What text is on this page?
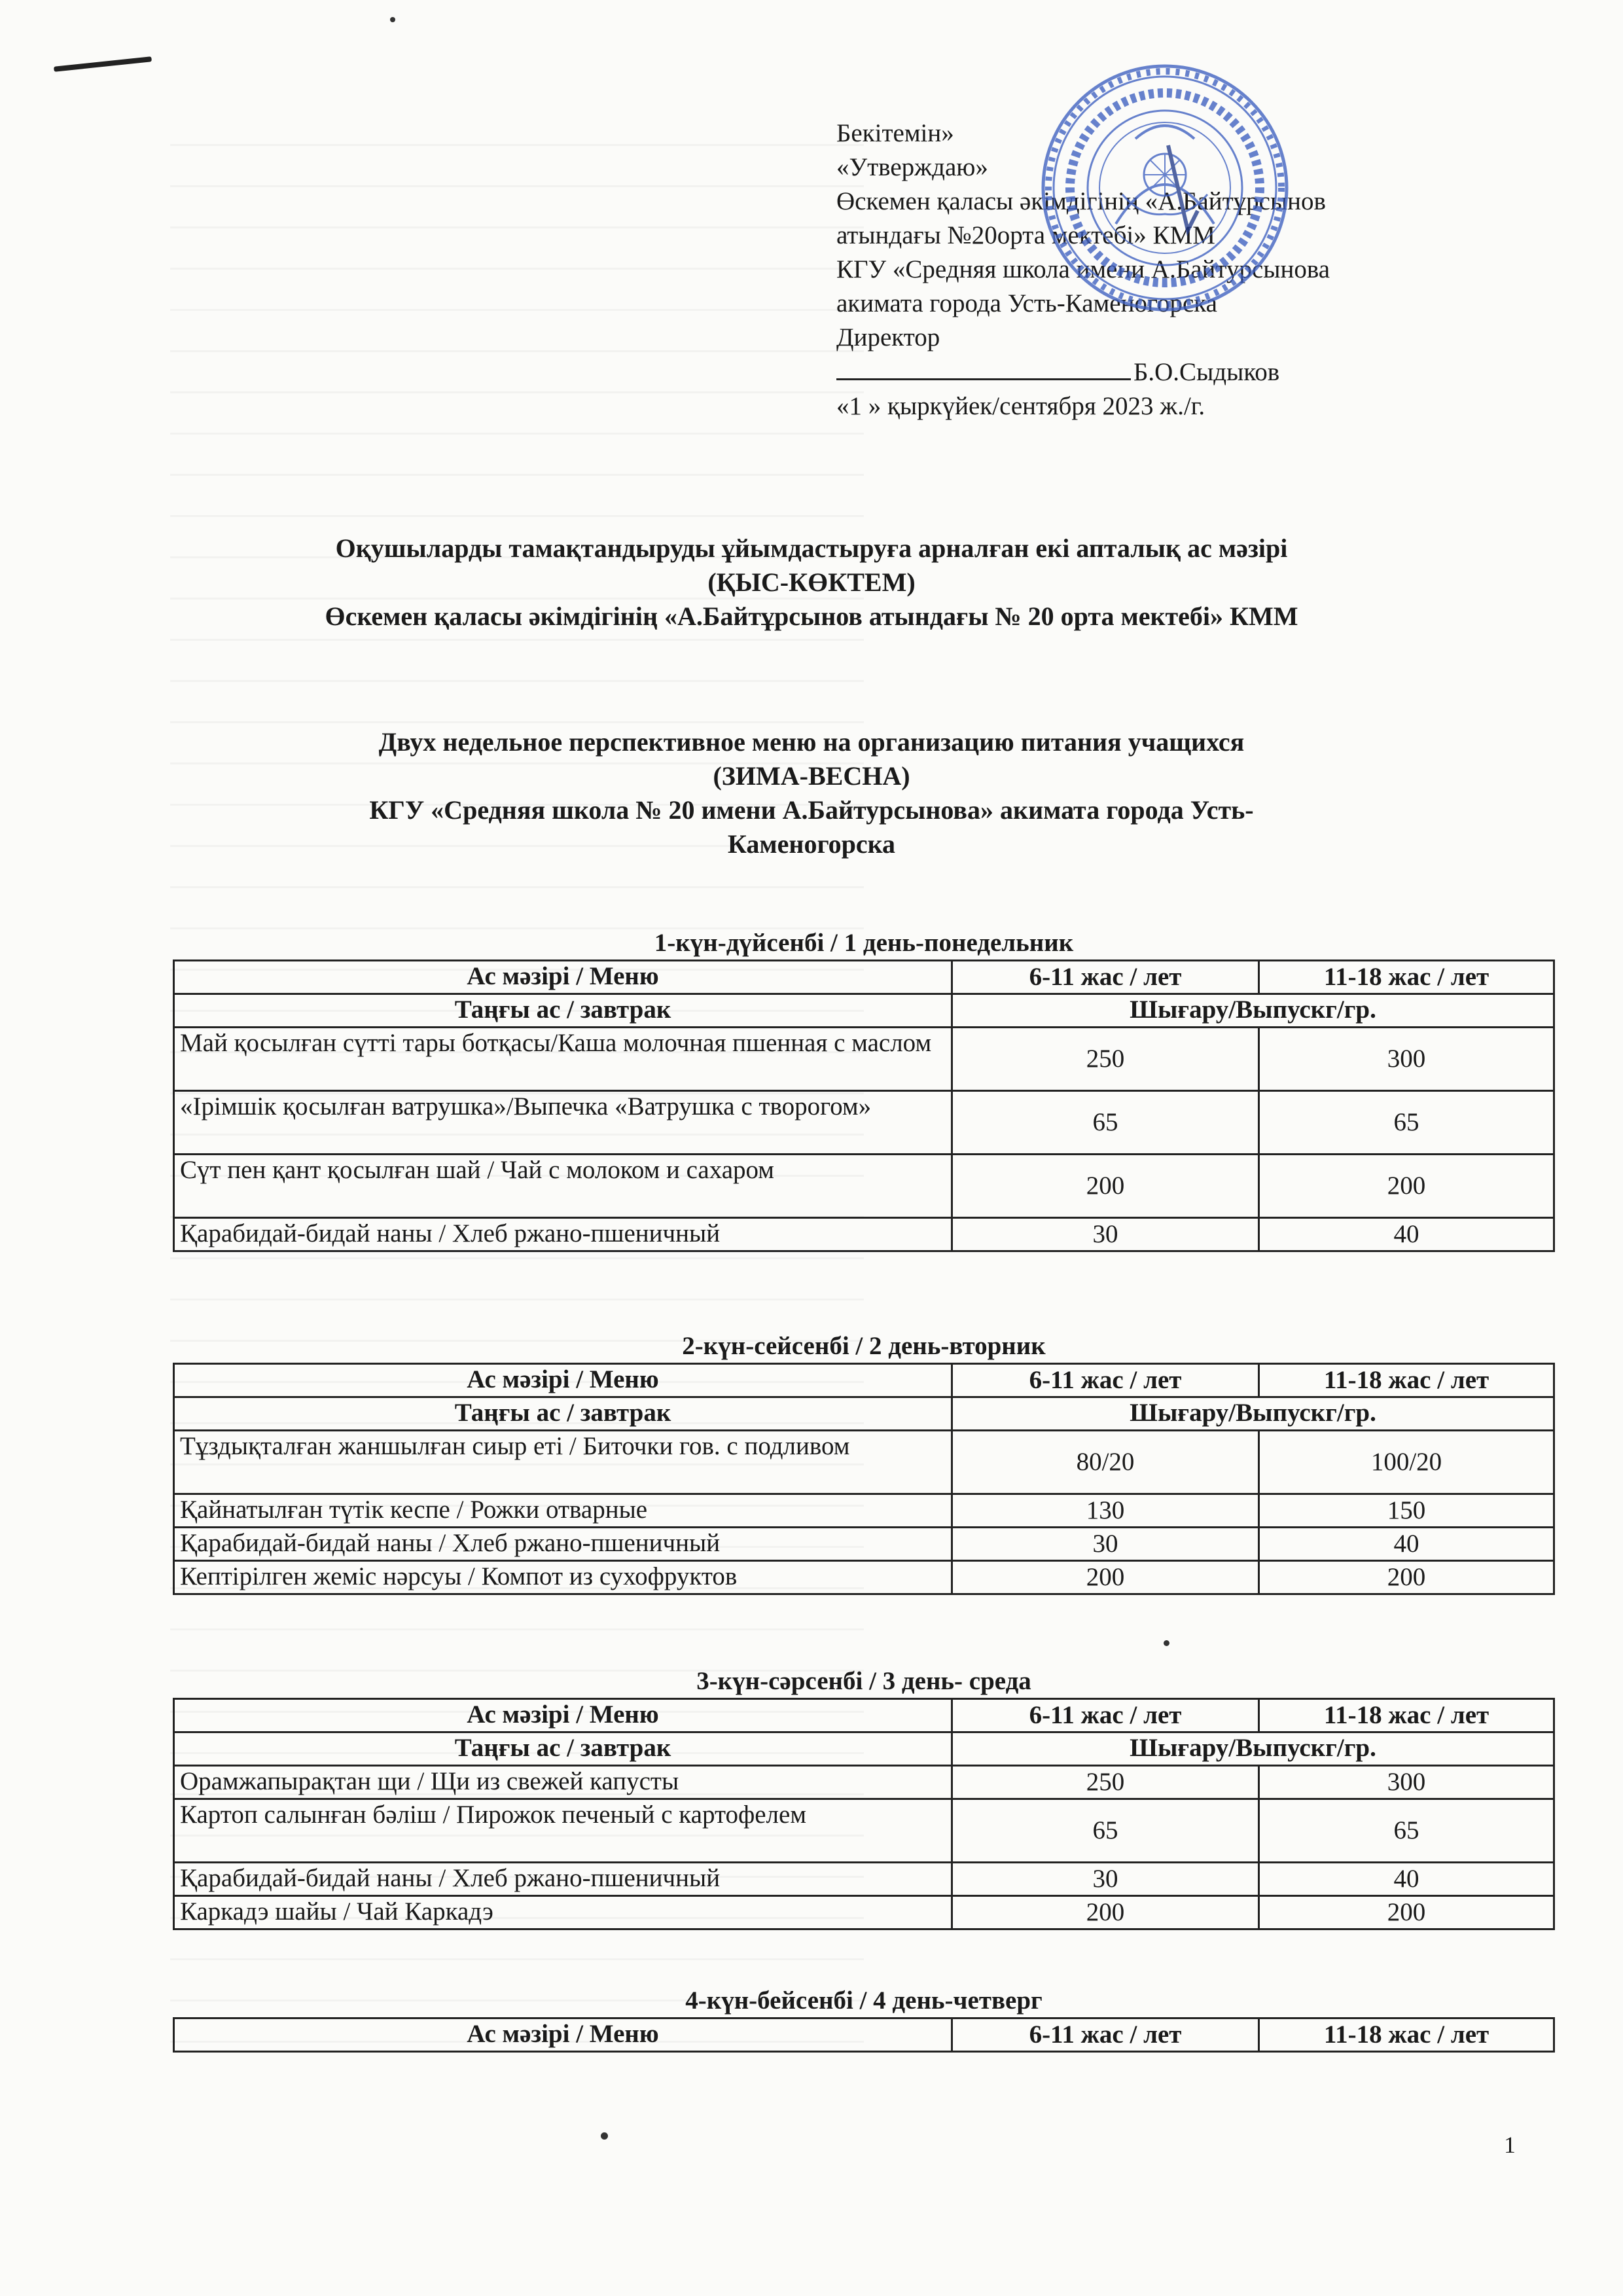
Бекітемін»
«Утверждаю»
Өскемен қаласы әкімдігінің «А.Байтұрсынов
атындағы №20орта мектебі» КММ
КГУ «Средняя школа имени А.Байтурсынова
акимата города Усть-Каменогорска
Директор
Б.О.Сыдыков
«1 » қыркүйек/сентября 2023 ж./г.
Оқушыларды тамақтандыруды ұйымдастыруға арналған екі апталық ас мәзірі
(ҚЫС-КӨКТЕМ)
Өскемен қаласы әкімдігінің «А.Байтұрсынов атындағы № 20 орта мектебі» КММ
Двух недельное перспективное меню на организацию питания учащихся
(ЗИМА-ВЕСНА)
КГУ «Средняя школа № 20 имени А.Байтурсынова» акимата города Усть-
Каменогорска
1-күн-дүйсенбі / 1 день-понедельник
Ас мәзірі / Меню	6-11 жас / лет	11-18 жас / лет
Таңғы ас / завтрак	Шығару/Выпускг/гр.	
Май қосылған сүтті тары ботқасы/Каша молочная пшенная с маслом	250	300
«Ірімшік қосылған ватрушка»/Выпечка «Ватрушка с творогом»	65	65
Сүт пен қант қосылған шай / Чай с молоком и сахаром	200	200
Қарабидай-бидай наны / Хлеб ржано-пшеничный	30	40
2-күн-сейсенбі / 2 день-вторник
Ас мәзірі / Меню	6-11 жас / лет	11-18 жас / лет
Таңғы ас / завтрак	Шығару/Выпускг/гр.	
Тұздықталған жаншылған сиыр еті / Биточки гов. с подливом	80/20	100/20
Қайнатылған түтік кеспе / Рожки отварные	130	150
Қарабидай-бидай наны / Хлеб ржано-пшеничный	30	40
Кептірілген жеміс нәрсуы / Компот из сухофруктов	200	200
3-күн-сәрсенбі / 3 день- среда
Ас мәзірі / Меню	6-11 жас / лет	11-18 жас / лет
Таңғы ас / завтрак	Шығару/Выпускг/гр.	
Орамжапырақтан щи / Щи из свежей капусты	250	300
Картоп салынған бәліш / Пирожок печеный с картофелем	65	65
Қарабидай-бидай наны / Хлеб ржано-пшеничный	30	40
Каркадэ шайы / Чай Каркадэ	200	200
4-күн-бейсенбі / 4 день-четверг
Ас мәзірі / Меню	6-11 жас / лет	11-18 жас / лет
1
